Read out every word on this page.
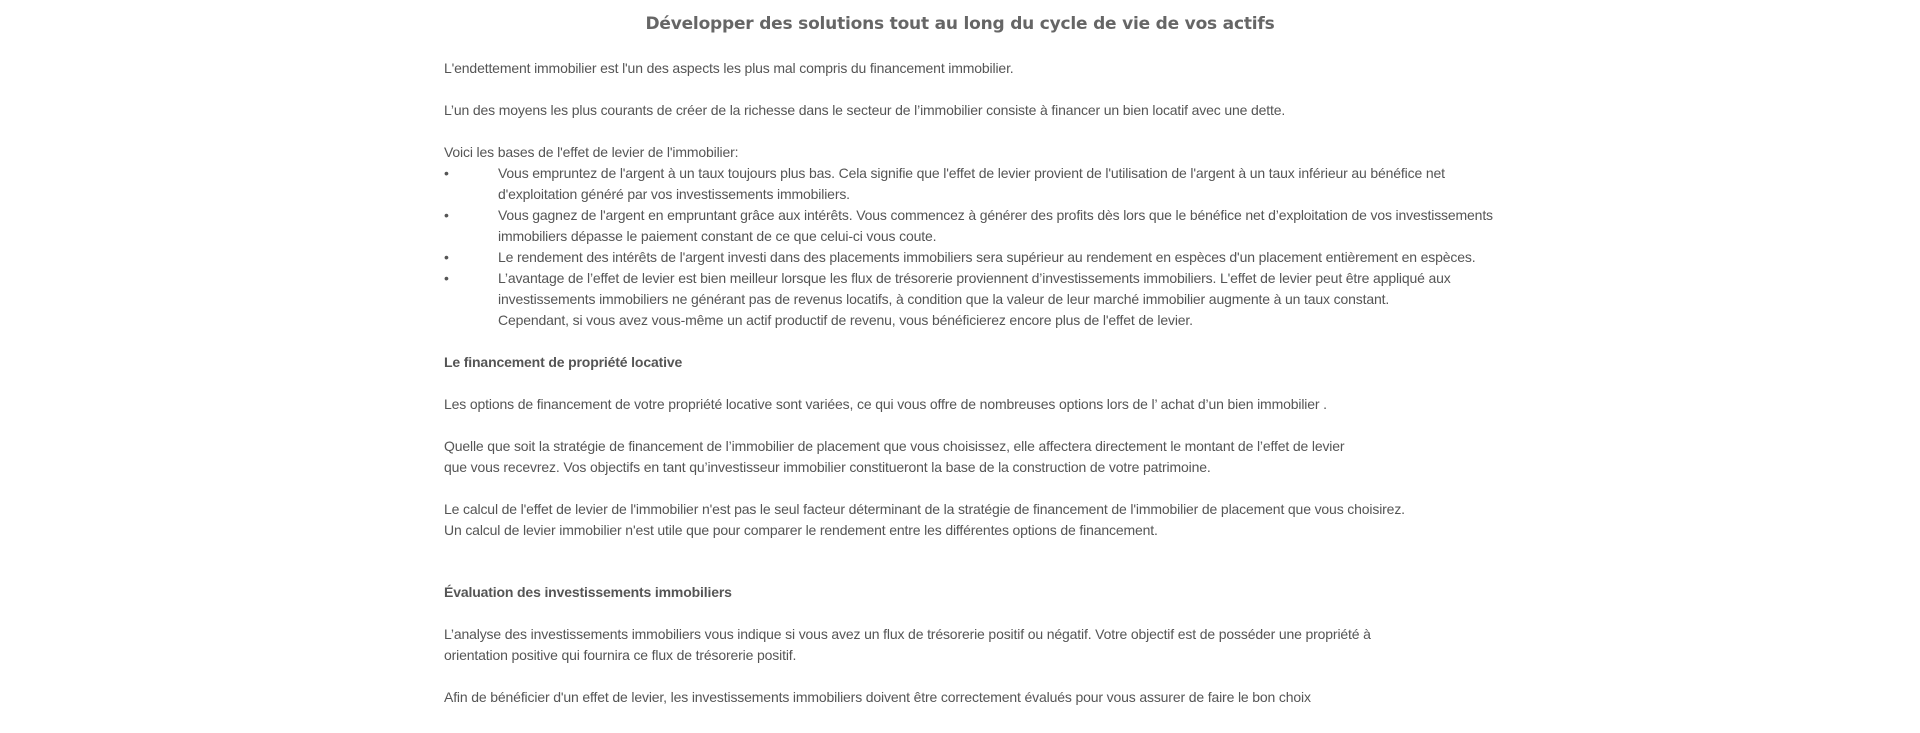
Développer des solutions tout au long du cycle de vie de vos actifs

L'endettement immobilier est l'un des aspects les plus mal compris du financement immobilier.

L’un des moyens les plus courants de créer de la richesse dans le secteur de l’immobilier consiste à financer un bien locatif avec une dette.

Voici les bases de l'effet de levier de l'immobilier:

•	Vous empruntez de l'argent à un taux toujours plus bas. Cela signifie que l'effet de levier provient de l'utilisation de l'argent à un taux inférieur au bénéfice net
d'exploitation généré par vos investissements immobiliers.
•	Vous gagnez de l'argent en empruntant grâce aux intérêts. Vous commencez à générer des profits dès lors que le bénéfice net d’exploitation de vos investissements
immobiliers dépasse le paiement constant de ce que celui-ci vous coute.
•	Le rendement des intérêts de l'argent investi dans des placements immobiliers sera supérieur au rendement en espèces d'un placement entièrement en espèces.
•	L’avantage de l’effet de levier est bien meilleur lorsque les flux de trésorerie proviennent d’investissements immobiliers. L'effet de levier peut être appliqué aux
investissements immobiliers ne générant pas de revenus locatifs, à condition que la valeur de leur marché immobilier augmente à un taux constant.

Cependant, si vous avez vous-même un actif productif de revenu, vous bénéficierez encore plus de l'effet de levier.

Le financement de propriété locative

Les options de financement de votre propriété locative sont variées, ce qui vous offre de nombreuses options lors de l’ achat d’un bien immobilier .

Quelle que soit la stratégie de financement de l’immobilier de placement que vous choisissez, elle affectera directement le montant de l’effet de levier

que vous recevrez. Vos objectifs en tant qu’investisseur immobilier constitueront la base de la construction de votre patrimoine.

Le calcul de l'effet de levier de l'immobilier n'est pas le seul facteur déterminant de la stratégie de financement de l'immobilier de placement que vous choisirez.

Un calcul de levier immobilier n'est utile que pour comparer le rendement entre les différentes options de financement.

Évaluation des investissements immobiliers

L’analyse des investissements immobiliers vous indique si vous avez un flux de trésorerie positif ou négatif. Votre objectif est de posséder une propriété à

orientation positive qui fournira ce flux de trésorerie positif.

Afin de bénéficier d'un effet de levier, les investissements immobiliers doivent être correctement évalués pour vous assurer de faire le bon choix
